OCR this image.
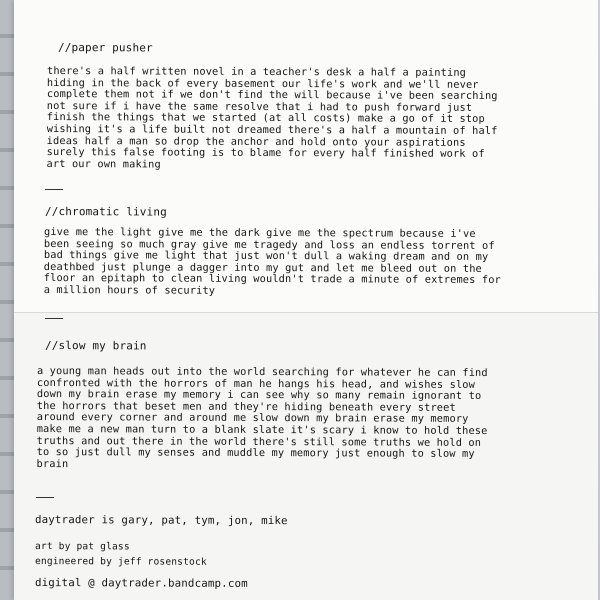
//paper pusher
there's a half written novel in a teacher's desk a half a painting
hiding in the back of every basement our life's work and we'll never
complete them not if we don't find the will because i've been searching
not sure if i have the same resolve that i had to push forward just
finish the things that we started (at all costs) make a go of it stop
wishing it's a life built not dreamed there's a half a mountain of half
ideas half a man so drop the anchor and hold onto your aspirations
surely this false footing is to blame for every half finished work of
art our own making
//chromatic living
give me the light give me the dark give me the spectrum because i've
been seeing so much gray give me tragedy and loss an endless torrent of
bad things give me light that just won't dull a waking dream and on my
deathbed just plunge a dagger into my gut and let me bleed out on the
floor an epitaph to clean living wouldn't trade a minute of extremes for
a million hours of security
//slow my brain
a young man heads out into the world searching for whatever he can find
confronted with the horrors of man he hangs his head, and wishes slow
down my brain erase my memory i can see why so many remain ignorant to
the horrors that beset men and they're hiding beneath every street
around every corner and around me slow down my brain erase my memory
make me a new man turn to a blank slate it's scary i know to hold these
truths and out there in the world there's still some truths we hold on
to so just dull my senses and muddle my memory just enough to slow my
brain
daytrader is gary, pat, tym, jon, mike
art by pat glass
engineered by jeff rosenstock
digital @ daytrader.bandcamp.com
